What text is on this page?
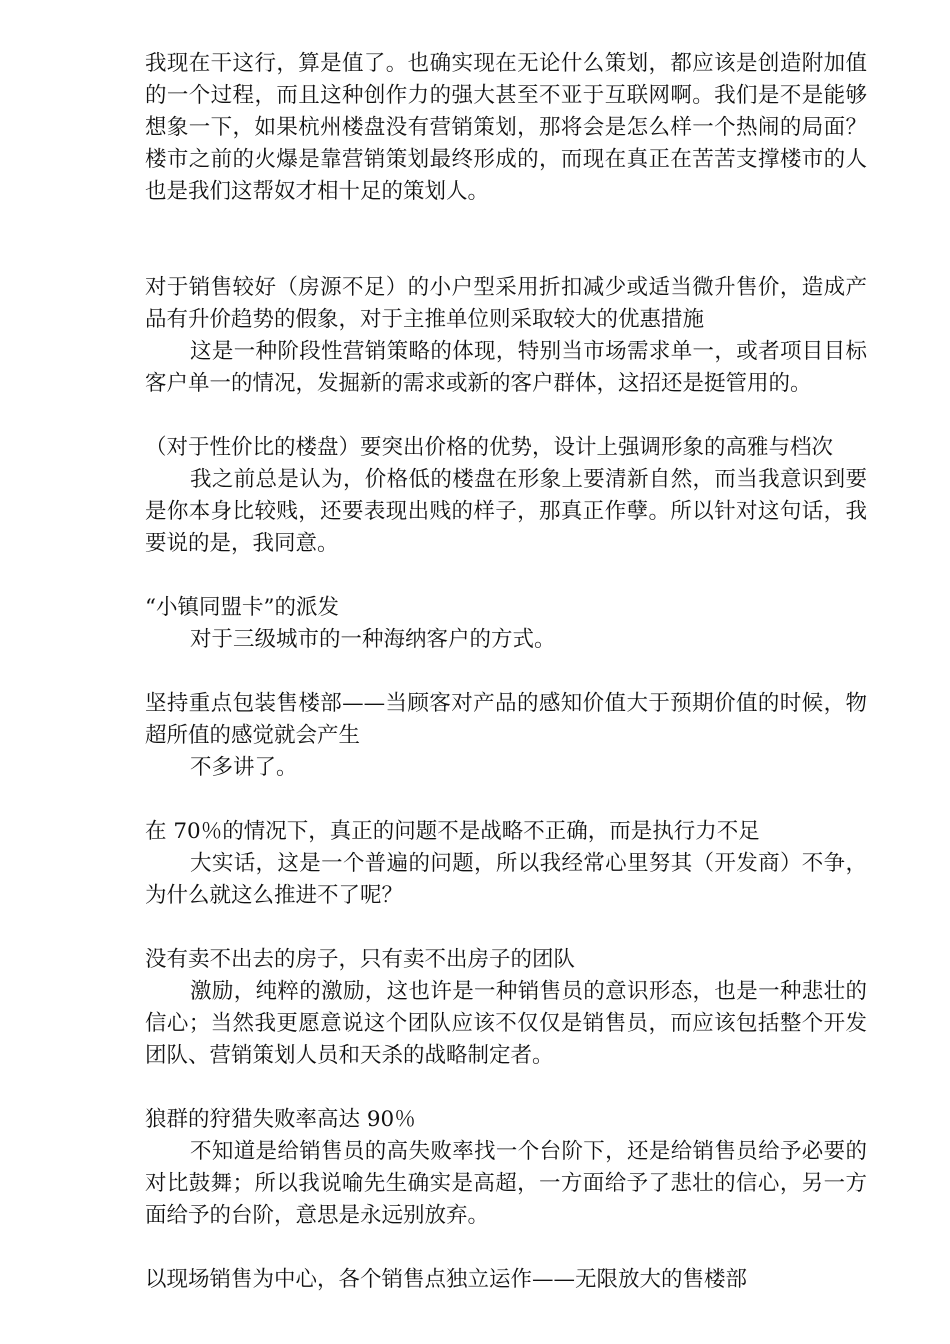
我现在干这行，算是值了。也确实现在无论什么策划，都应该是创造附加值的一个过程，而且这种创作力的强大甚至不亚于互联网啊。我们是不是能够想象一下，如果杭州楼盘没有营销策划，那将会是怎么样一个热闹的局面？楼市之前的火爆是靠营销策划最终形成的，而现在真正在苦苦支撑楼市的人也是我们这帮奴才相十足的策划人。

对于销售较好（房源不足）的小户型采用折扣减少或适当微升售价，造成产品有升价趋势的假象，对于主推单位则采取较大的优惠措施

这是一种阶段性营销策略的体现，特别当市场需求单一，或者项目目标客户单一的情况，发掘新的需求或新的客户群体，这招还是挺管用的。

（对于性价比的楼盘）要突出价格的优势，设计上强调形象的高雅与档次

我之前总是认为，价格低的楼盘在形象上要清新自然，而当我意识到要是你本身比较贱，还要表现出贱的样子，那真正作孽。所以针对这句话，我要说的是，我同意。

“小镇同盟卡”的派发

对于三级城市的一种海纳客户的方式。

坚持重点包装售楼部——当顾客对产品的感知价值大于预期价值的时候，物超所值的感觉就会产生

不多讲了。

在 70％的情况下，真正的问题不是战略不正确，而是执行力不足

大实话，这是一个普遍的问题，所以我经常心里努其（开发商）不争，为什么就这么推进不了呢？

没有卖不出去的房子，只有卖不出房子的团队

激励，纯粹的激励，这也许是一种销售员的意识形态，也是一种悲壮的信心；当然我更愿意说这个团队应该不仅仅是销售员，而应该包括整个开发团队、营销策划人员和天杀的战略制定者。

狼群的狩猎失败率高达 90％

不知道是给销售员的高失败率找一个台阶下，还是给销售员给予必要的对比鼓舞；所以我说喻先生确实是高超，一方面给予了悲壮的信心，另一方面给予的台阶，意思是永远别放弃。

以现场销售为中心，各个销售点独立运作——无限放大的售楼部
